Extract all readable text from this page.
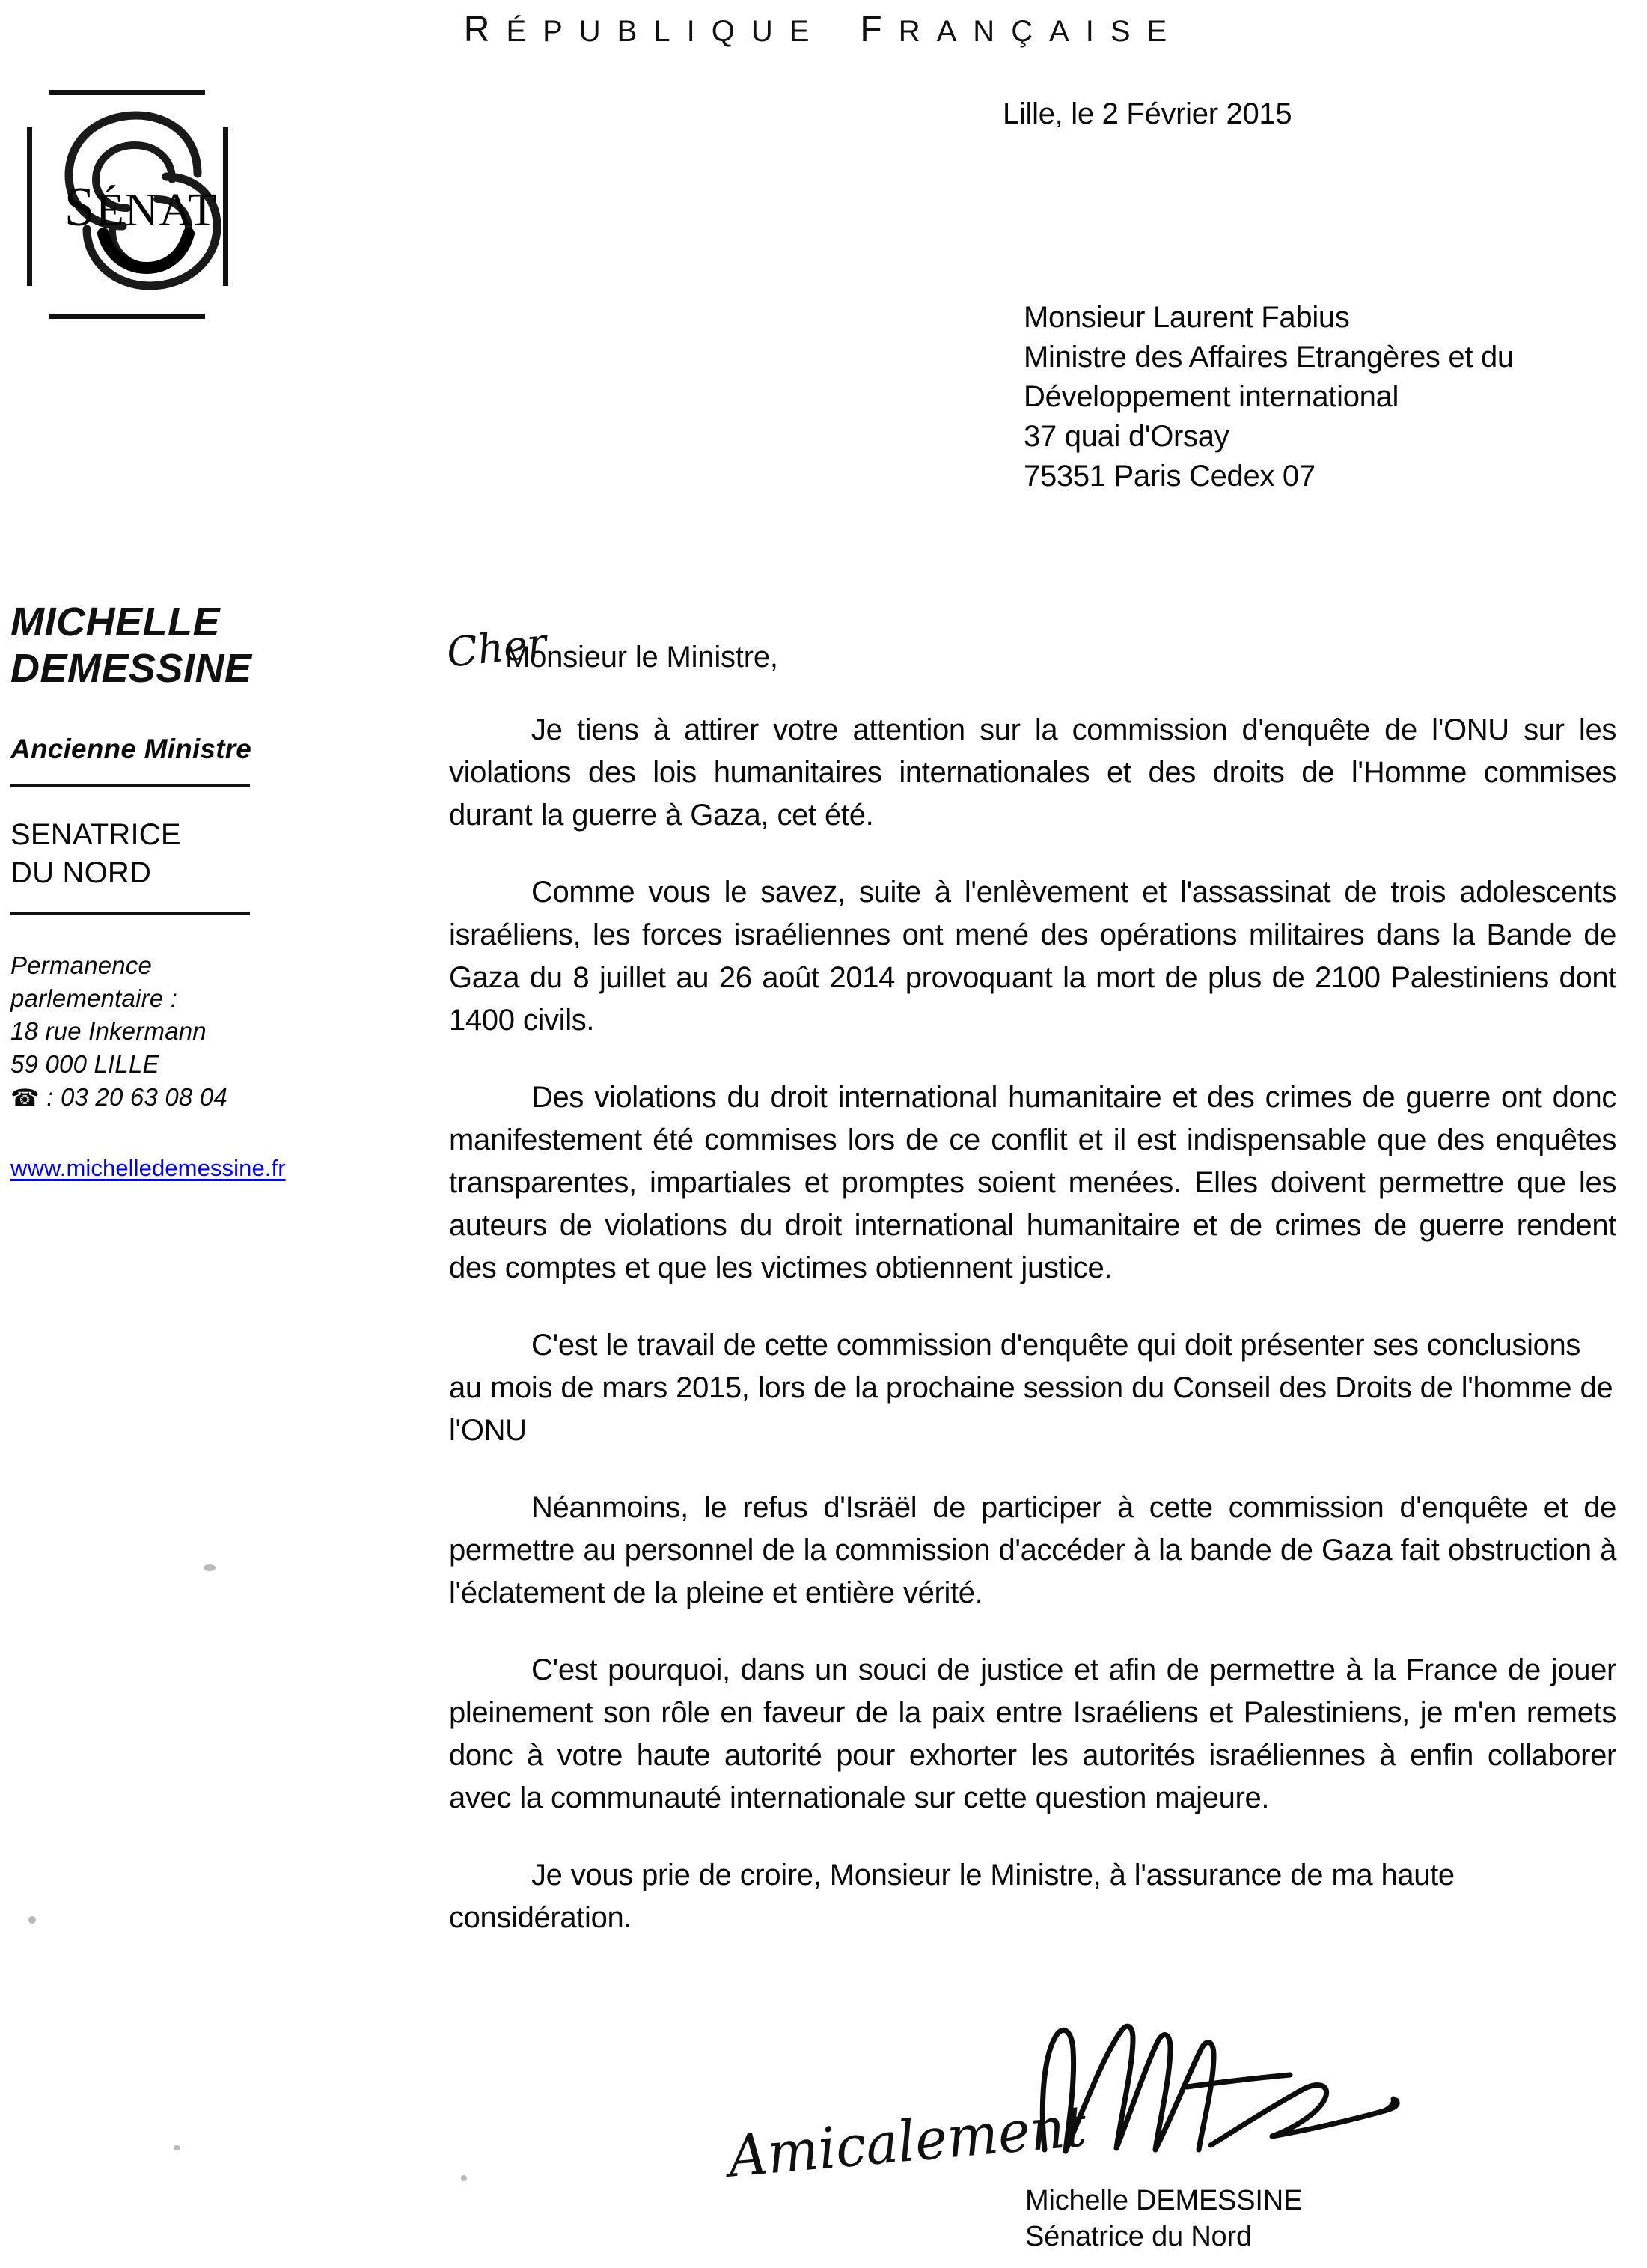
RÉPUBLIQUE FRANÇAISE
SÉNAT
Lille, le 2 Février 2015
Monsieur Laurent Fabius
Ministre des Affaires Etrangères et du
Développement international
37 quai d'Orsay
75351 Paris Cedex 07
MICHELLE
DEMESSINE
Ancienne Ministre
SENATRICE
DU NORD
Permanence
parlementaire :
18 rue Inkermann
59 000 LILLE
☎ : 03 20 63 08 04
www.michelledemessine.fr
Cher
Monsieur le Ministre,

Je tiens à attirer votre attention sur la commission d'enquête de l'ONU sur les violations des lois humanitaires internationales et des droits de l'Homme commises durant la guerre à Gaza, cet été.

Comme vous le savez, suite à l'enlèvement et l'assassinat de trois adolescents israéliens, les forces israéliennes ont mené des opérations militaires dans la Bande de Gaza du 8 juillet au 26 août 2014 provoquant la mort de plus de 2100 Palestiniens dont 1400 civils.

Des violations du droit international humanitaire et des crimes de guerre ont donc manifestement été commises lors de ce conflit et il est indispensable que des enquêtes transparentes, impartiales et promptes soient menées. Elles doivent permettre que les auteurs de violations du droit international humanitaire et de crimes de guerre rendent des comptes et que les victimes obtiennent justice.

C'est le travail de cette commission d'enquête qui doit présenter ses conclusions au mois de mars 2015, lors de la prochaine session du Conseil des Droits de l'homme de l'ONU

Néanmoins, le refus d'Isräël de participer à cette commission d'enquête et de permettre au personnel de la commission d'accéder à la bande de Gaza fait obstruction à l'éclatement de la pleine et entière vérité.

C'est pourquoi, dans un souci de justice et afin de permettre à la France de jouer pleinement son rôle en faveur de la paix entre Israéliens et Palestiniens, je m'en remets donc à votre haute autorité pour exhorter les autorités israéliennes à enfin collaborer avec la communauté internationale sur cette question majeure.

Je vous prie de croire, Monsieur le Ministre, à l'assurance de ma haute considération.

Amicalement
Michelle DEMESSINE
Sénatrice du Nord
